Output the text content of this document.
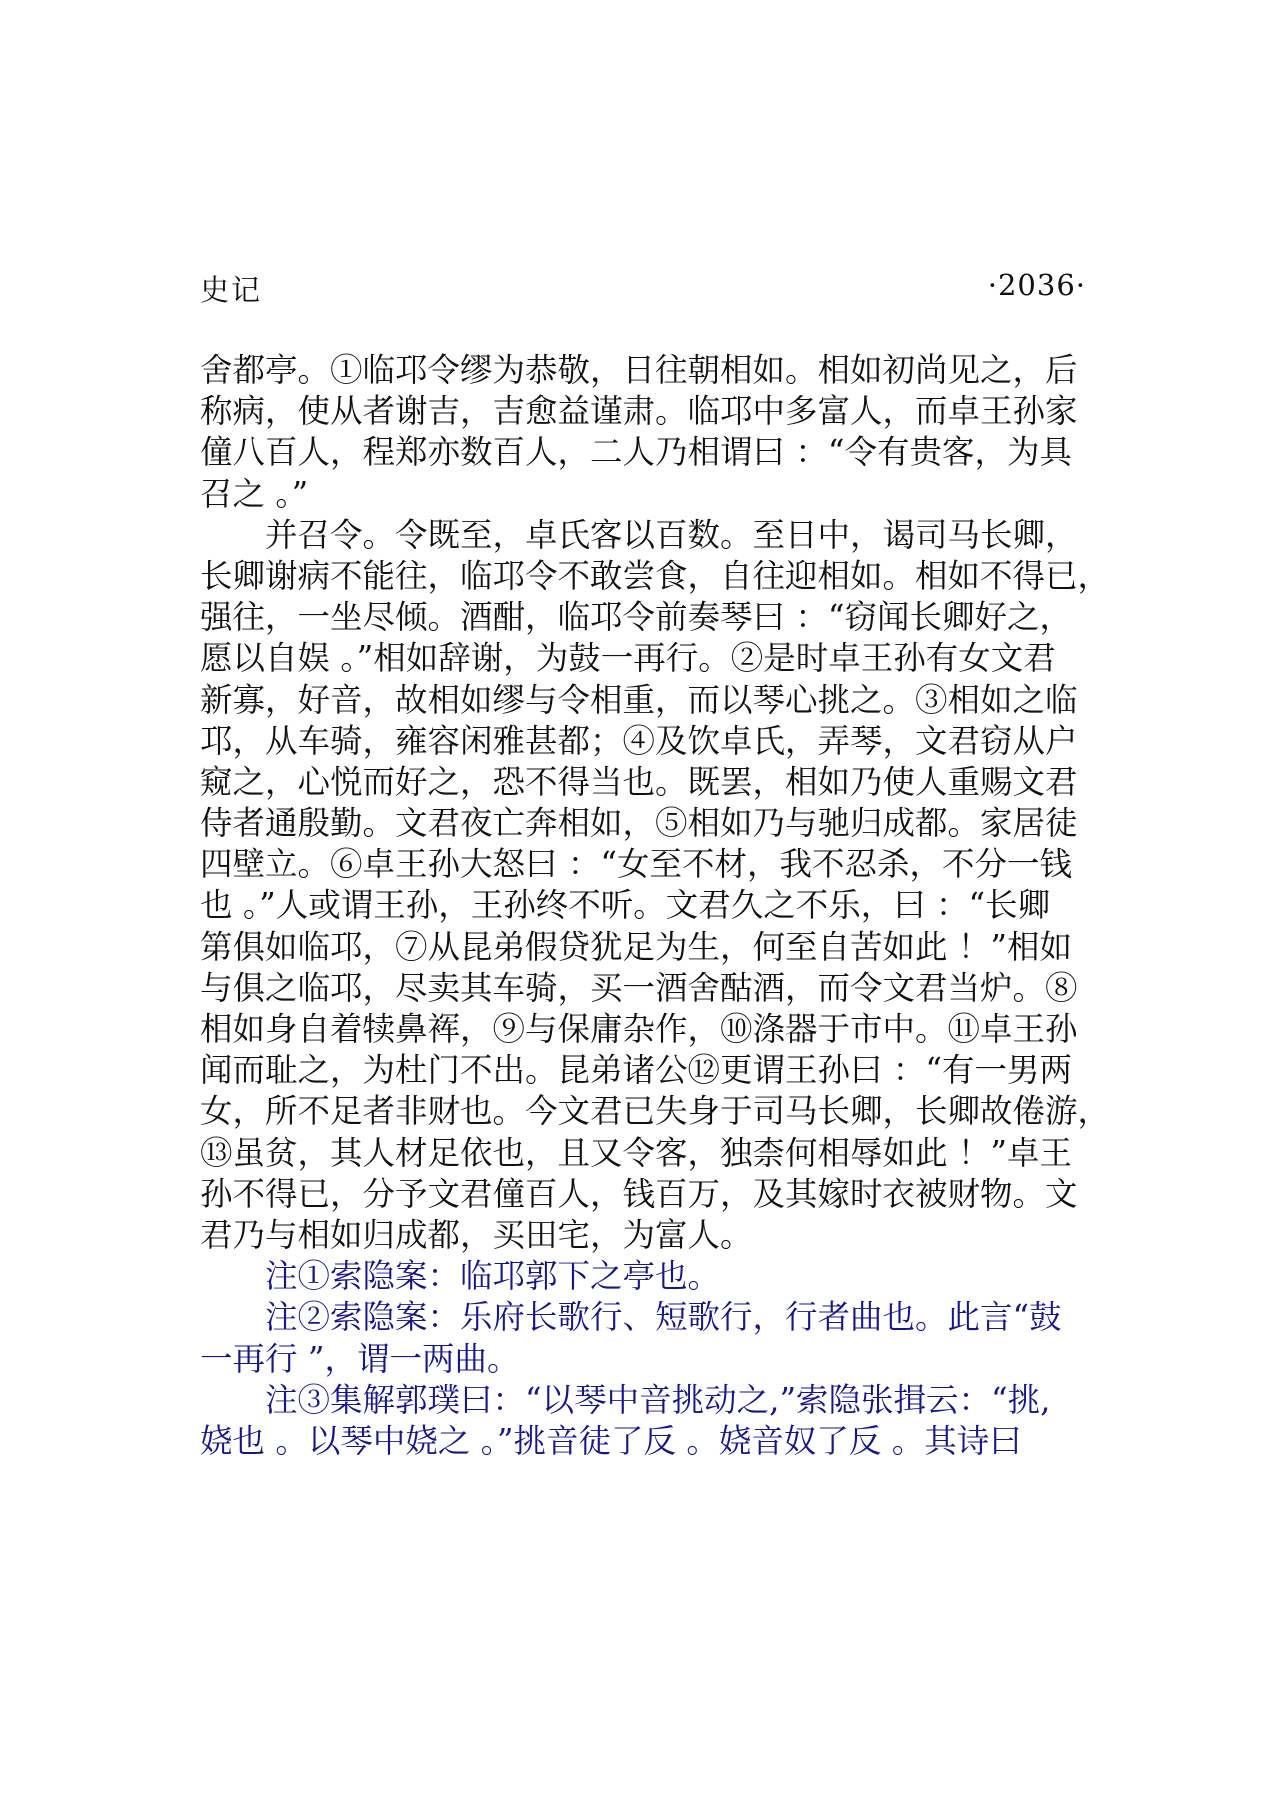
史记	·2036·
舍都亭。①临邛令缪为恭敬，日往朝相如。相如初尚见之，后
称病，使从者谢吉，吉愈益谨肃。临邛中多富人，而卓王孙家
僮八百人，程郑亦数百人，二人乃相谓曰 ：“令有贵客，为具
召之 。”
并召令。令既至，卓氏客以百数。至日中，谒司马长卿，
长卿谢病不能往，临邛令不敢尝食，自往迎相如。相如不得已，
强往，一坐尽倾。酒酣，临邛令前奏琴曰 ：“窃闻长卿好之，
愿以自娱 。”相如辞谢，为鼓一再行。②是时卓王孙有女文君
新寡，好音，故相如缪与令相重，而以琴心挑之。③相如之临
邛，从车骑，雍容闲雅甚都；④及饮卓氏，弄琴，文君窃从户
窥之，心悦而好之，恐不得当也。既罢，相如乃使人重赐文君
侍者通殷勤。文君夜亡奔相如，⑤相如乃与驰归成都。家居徒
四壁立。⑥卓王孙大怒曰 ：“女至不材，我不忍杀，不分一钱
也 。”人或谓王孙，王孙终不听。文君久之不乐，曰 ：“长卿
第俱如临邛，⑦从昆弟假贷犹足为生，何至自苦如此 ！”相如
与俱之临邛，尽卖其车骑，买一酒舍酤酒，而令文君当炉。⑧
相如身自着犊鼻裈，⑨与保庸杂作，⑩涤器于市中。⑪卓王孙
闻而耻之，为杜门不出。昆弟诸公⑫更谓王孙曰 ：“有一男两
女，所不足者非财也。今文君已失身于司马长卿，长卿故倦游，
⑬虽贫，其人材足依也，且又令客，独柰何相辱如此 ！”卓王
孙不得已，分予文君僮百人，钱百万，及其嫁时衣被财物。文
君乃与相如归成都，买田宅，为富人。
注①索隐案：临邛郭下之亭也。
注②索隐案：乐府长歌行、短歌行，行者曲也。此言“鼓
一再行 ”，谓一两曲。
注③集解郭璞曰：“以琴中音挑动之,”索隐张揖云：“挑,
娆也 。以琴中娆之 。”挑音徒了反 。娆音奴了反 。其诗曰
